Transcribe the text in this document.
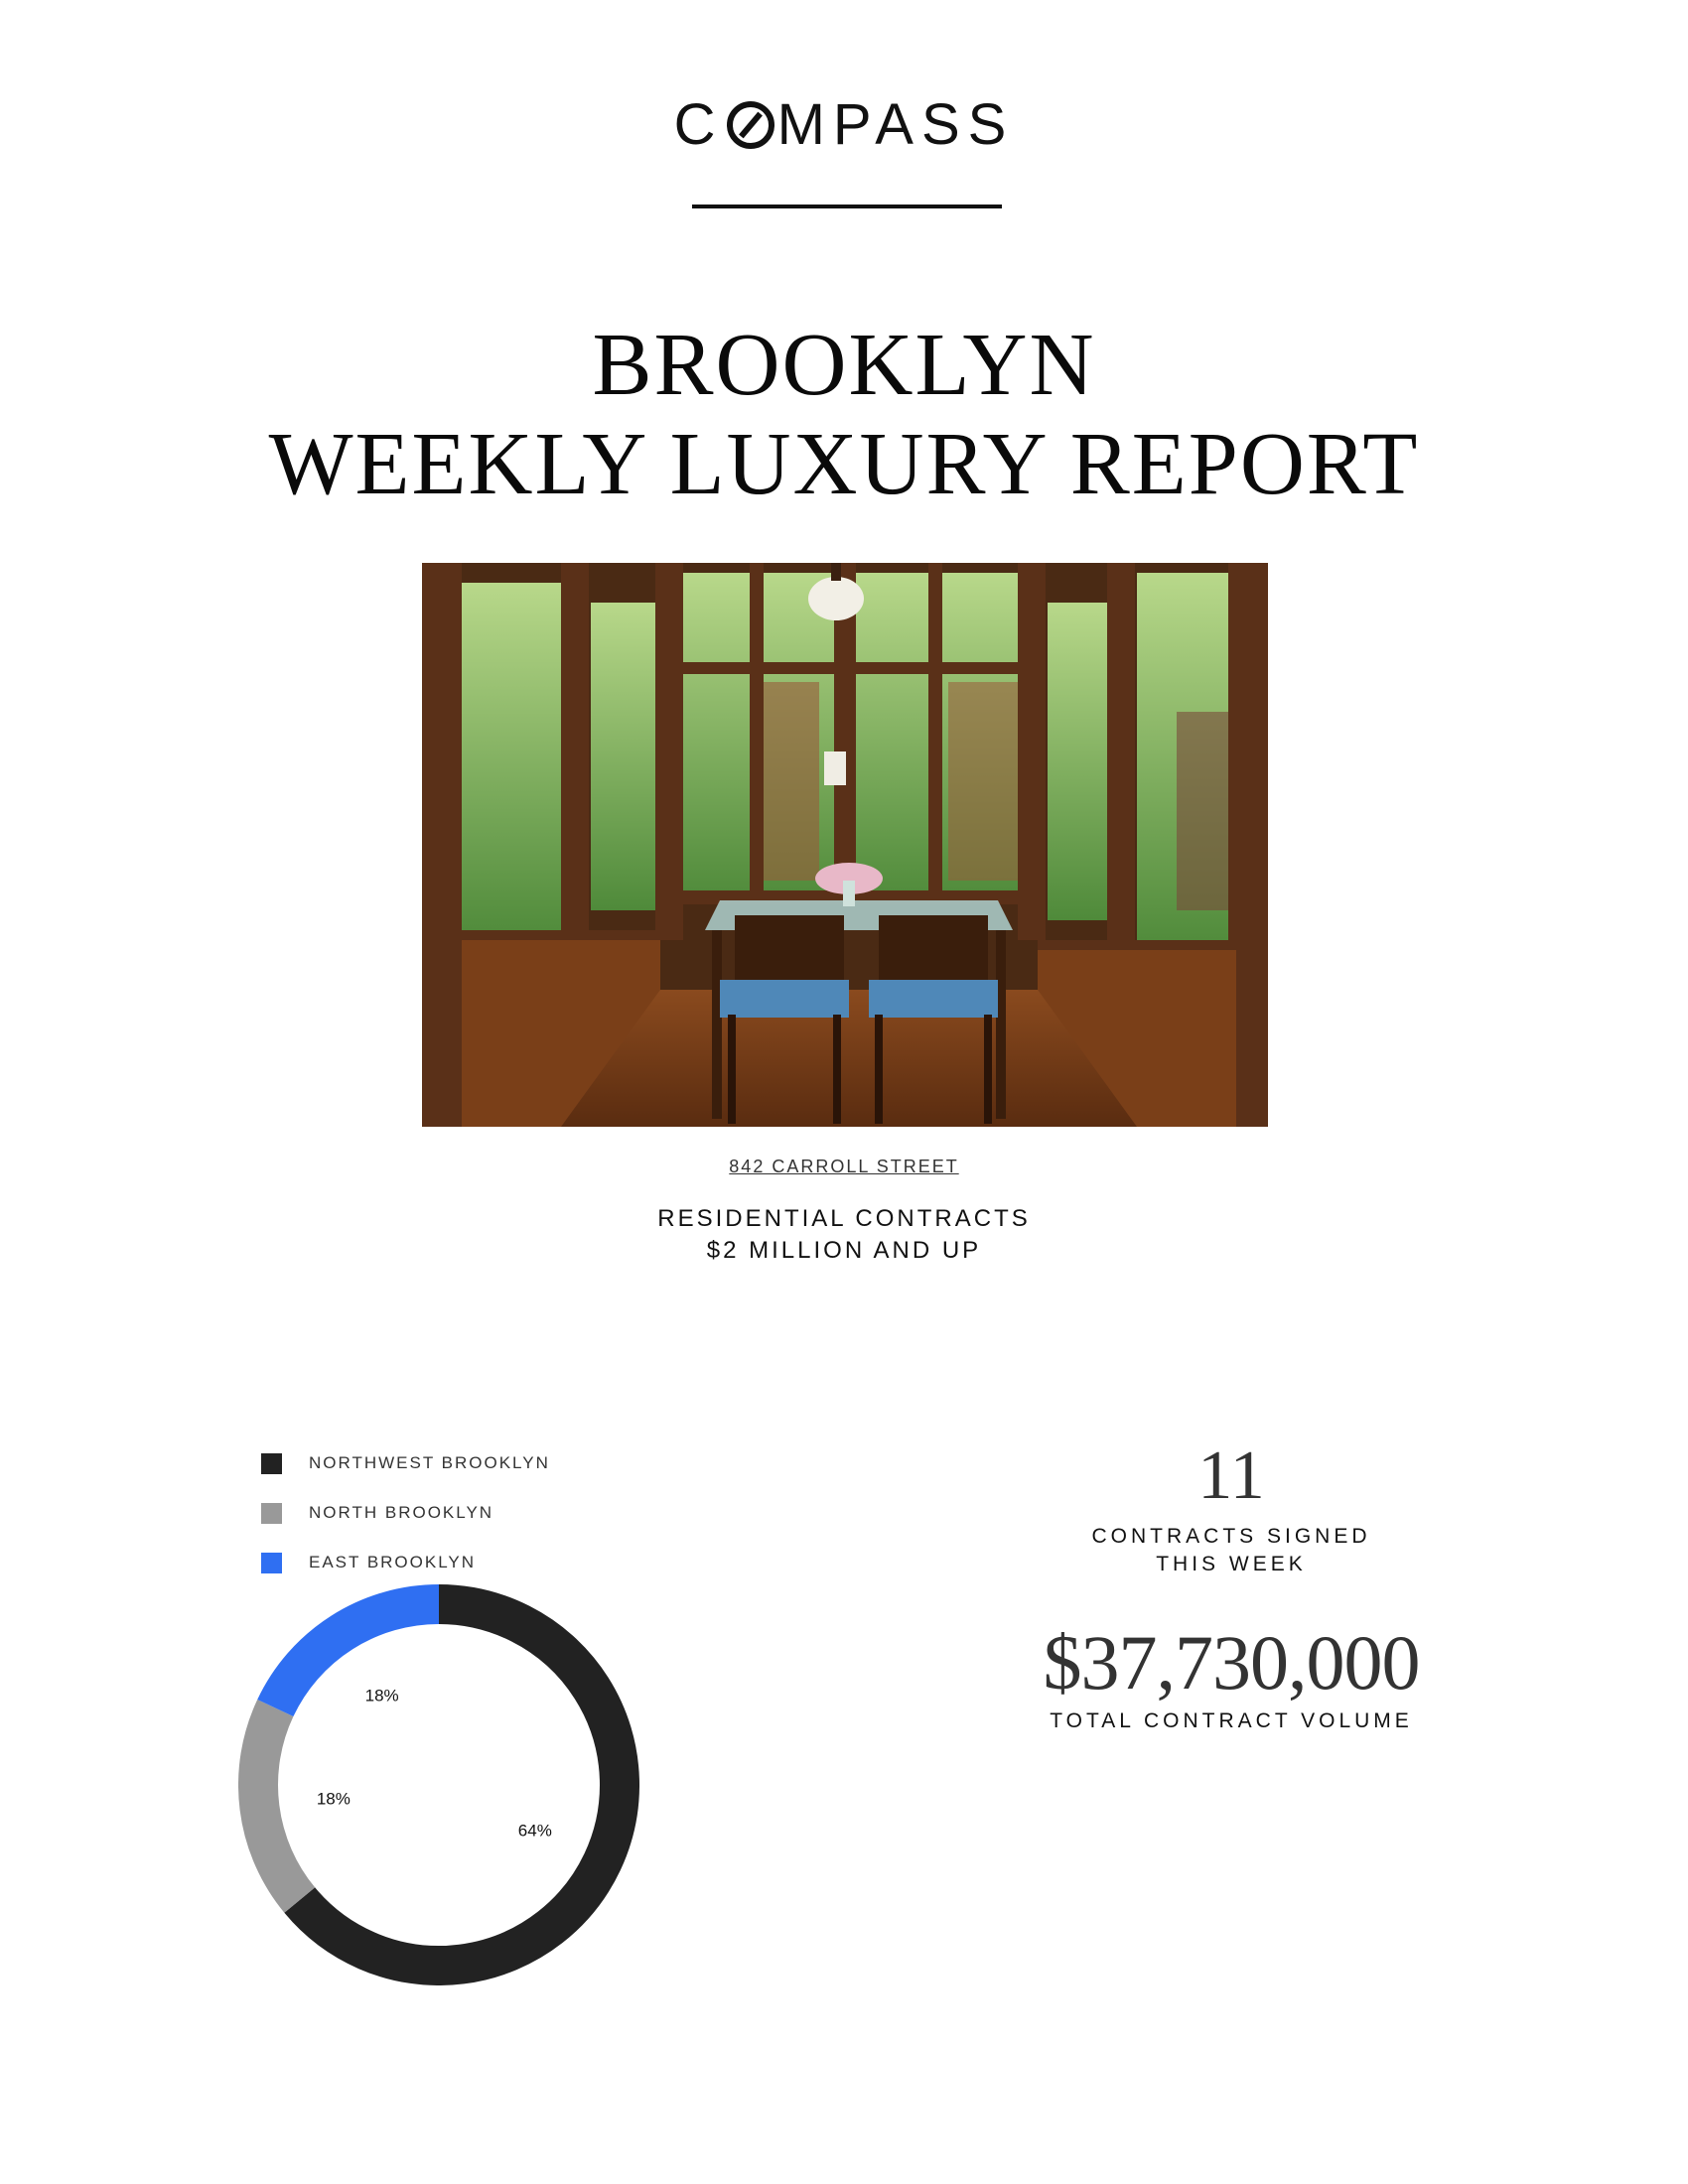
C MPASS
BROOKLYN
WEEKLY LUXURY REPORT
842 CARROLL STREET
RESIDENTIAL CONTRACTS
$2 MILLION AND UP
NORTHWEST BROOKLYN
NORTH BROOKLYN
EAST BROOKLYN
64%
18%
18%
11
CONTRACTS SIGNED
THIS WEEK
$37,730,000
TOTAL CONTRACT VOLUME
